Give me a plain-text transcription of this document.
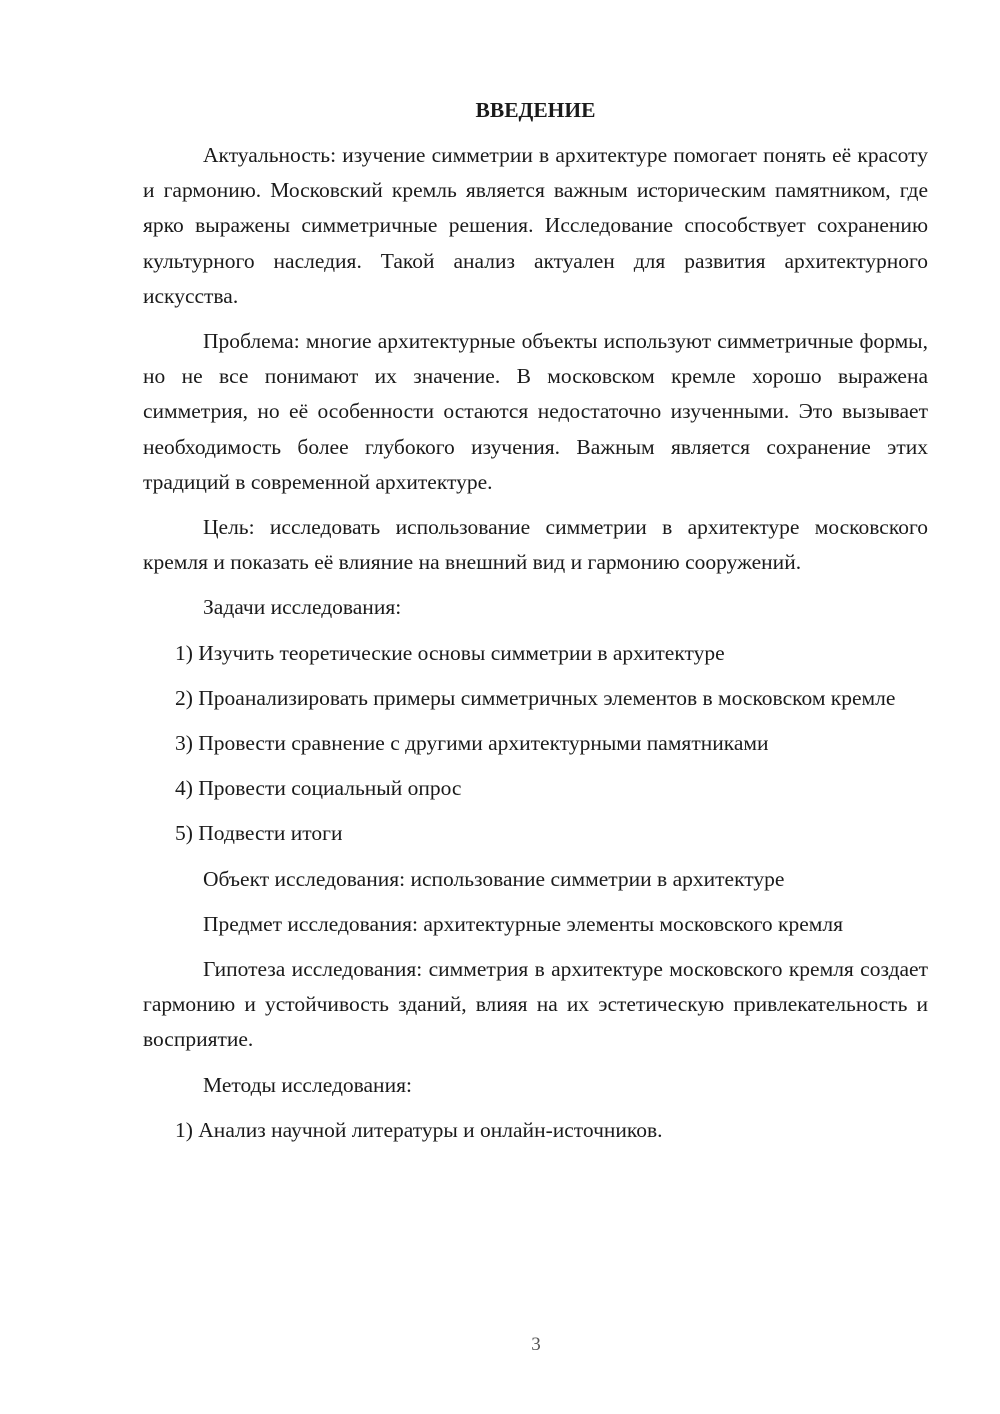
ВВЕДЕНИЕ

Актуальность: изучение симметрии в архитектуре помогает понять её красоту и гармонию. Московский кремль является важным историческим памятником, где ярко выражены симметричные решения. Исследование способствует сохранению культурного наследия. Такой анализ актуален для развития архитектурного искусства.

Проблема: многие архитектурные объекты используют симметричные формы, но не все понимают их значение. В московском кремле хорошо выражена симметрия, но её особенности остаются недостаточно изученными. Это вызывает необходимость более глубокого изучения. Важным является сохранение этих традиций в современной архитектуре.

Цель: исследовать использование симметрии в архитектуре московского кремля и показать её влияние на внешний вид и гармонию сооружений.

Задачи исследования:

1) Изучить теоретические основы симметрии в архитектуре

2) Проанализировать примеры симметричных элементов в московском кремле

3) Провести сравнение с другими архитектурными памятниками

4) Провести социальный опрос

5) Подвести итоги

Объект исследования: использование симметрии в архитектуре

Предмет исследования: архитектурные элементы московского кремля

Гипотеза исследования: симметрия в архитектуре московского кремля создает гармонию и устойчивость зданий, влияя на их эстетическую привлекательность и восприятие.

Методы исследования:

1) Анализ научной литературы и онлайн-источников.

3
